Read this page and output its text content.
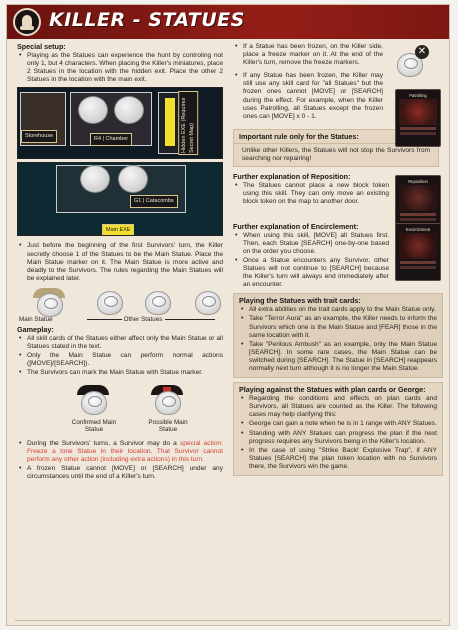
KILLER - STATUES
Special setup:
• Playing as the Statues can experience the hunt by controling not only 1, but 4 characters. When placing the Killer's miniatures, place 2 Statues in the location with the hidden exit. Place the other 2 Statues in the location with the main exit.
Storehouse	R4 | Chamber	Hidden EXE (Requires Secret Map)
G1 | Catacombs
Main EXE
• Just before the beginning of the first Survivors' turn, the Killer secretly choose 1 of the Statues to be the Main Statue. Place the Main Statue marker on it. The Main Statue is more active and deadly to the Survivors. The rules regarding the Main Statues will be explained later.
Main Statue	Other Statues
Gameplay:
• All skill cards of the Statues either affect only the Main Statue or all Statues stated in the text.
• Only the Main Statue can perform normal actions ([MOVE]/[SEARCH]).
• The Survivors can mark the Main Statue with Statue marker.
Confirmed Main Statue
Possible Main Statue
• During the Survivors' turns, a Survivor may do a special action: Freeze a lone Statue in their location. That Survivor cannot perform any other action (including extra actions) in this turn.
• A frozen Statue cannot [MOVE] or [SEARCH] under any circumstances until the end of a Killer's turn.
• If a Statue has been frozen, on the Killer side, place a freeze marker on it. At the end of the Killer's turn, remove the freeze markers.
• If any Statue has been frozen, the Killer may still use any skill card for "all Statues" but the frozen ones cannot [MOVE] or [SEARCH] during the effect. For example, when the Killer uses Patrolling, all Statues except the frozen ones can [MOVE] x 0 - 1.
✕
Patrolling
Important rule only for the Statues:

Unlike other Killers, the Statues will not stop the Survivors from searching nor repairing!

Further explanation of Reposition:
• The Statues cannot place a new block token using this skill. They can only move an existing block token on the map to another door.
Reposition
Further explanation of Encirclement:
• When using this skill, [MOVE] all Statues first. Then, each Statue [SEARCH] one-by-one based on the order you choose.
• Once a Statue encounters any Survivor, other Statues will not continue to [SEARCH] because the Killer's turn will always end immediately after an encounter.
Encirclement
Playing the Statues with trait cards:
• All extra abilities on the trait cards apply to the Main Statue only.
• Take "Terror Aura" as an example, the Killer needs to inform the Survivors which one is the Main Statue and [FEAR] those in the same location with it.
• Take "Perilous Ambush" as an example, only the Main Statue [SEARCH]. In some rare cases, the Main Statue can be switched during [SEARCH]. The Statue in [SEARCH] reappears normally next turn although it is no longer the Main Statue.
Playing against the Statues with plan cards or George:
• Regarding the conditions and effects on plan cards and Survivors, all Statues are counted as the Killer. The following cases may help clarifying this:
• George can gain a note when he is in 1 range with ANY Statues.
• Standing with ANY Statues can progress the plan if the next progress requires any Survivors being in the Killer's location.
• In the case of using "Strike Back! Explosive Trap", if ANY Statues [SEARCH] the plan token location with no Survivors there, the Survivors win the game.
